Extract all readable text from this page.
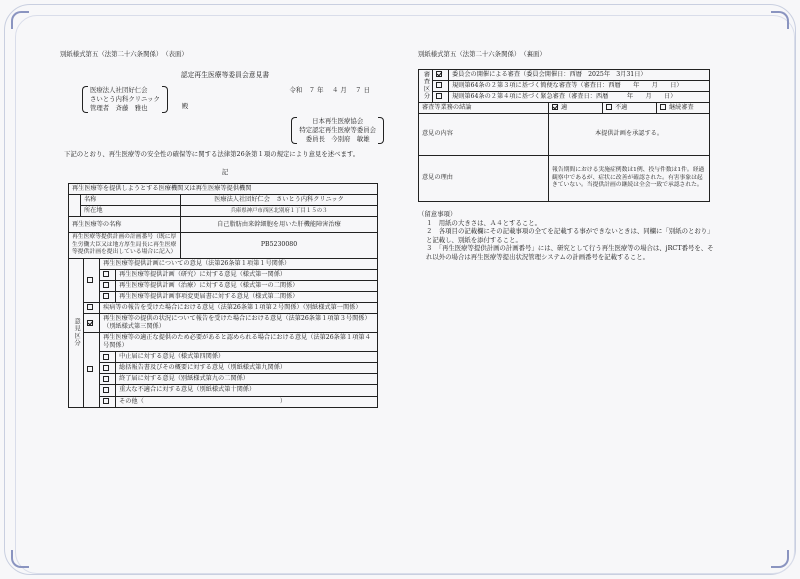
別紙様式第五（法第二十六条関係）　（表面）
認定再生医療等委員会意見書
医療法人社団好仁会
さいとう内科クリニック
管理者　斉藤　雅也	殿
令和　７ 年　 ４ 月　 ７ 日
日本再生医療協会
特定認定再生医療等委員会
委員長　今別府　敏雄
下記のとおり、再生医療等の安全性の確保等に関する法律第26条第１項の規定により意見を述べます。
記
再生医療等を提供しようとする医療機関又は再生医療等提供機関		
	名称	医療法人社団好仁会　さいとう内科クリニック
	所在地	兵庫県神戸市西区北別府１丁目１５の３
再生医療等の名称		自己脂肪由来幹細胞を用いた肝機能障害治療
再生医療等提供計画の計画番号（既に厚生労働大臣又は地方厚生局長に再生医療等提供計画を提出している場合に記入）		PB5230080
意見区分		再生医療等提供計画についての意見（法第26条第１項第１号関係）	
			再生医療等提供計画（研究）に対する意見（様式第一関係）
			再生医療等提供計画（治療）に対する意見（様式第一の二関係）
			再生医療等提供計画事項変更届書に対する意見（様式第二関係）
		疾病等の報告を受けた場合における意見（法第26条第１項第２号関係）（別紙様式第一関係）	
		再生医療等の提供の状況について報告を受けた場合における意見（法第26条第１項第３号関係）（別紙様式第三関係）	
		再生医療等の適正な提供のため必要があると認められる場合における意見（法第26条第１項第４号関係）	
			中止届に対する意見（様式第四関係）
			総括報告書及びその概要に対する意見（別紙様式第九関係）
			終了届に対する意見（別紙様式第九の二関係）
			重大な不適合に対する意見（別紙様式第十関係）
			その他（　　　　　　　　　　　　　　　　　　　　　　）
別紙様式第五（法第二十六条関係）　（裏面）
審査区分		委員会の開催による審査（委員会開催日：西暦　2025年　3月31日）
		規則第64条の２第３項に基づく簡便な審査等（審査日：西暦　　年　　月　　日）
		規則第64条の２第４項に基づく緊急審査（審査日：西暦　　　年　　月　　日）
審査等業務の結論	適	不適	継続審査
意見の内容	本提供計画を承認する。		
意見の理由	報告期間における実施症例数は1例、投与件数は1件。経過観察中であるが、症状に改善が確認された。有害事象は起きていない。当提供計画の継続は全会一致で承認された。		

（留意事項）

１　用紙の大きさは、Ａ４とすること。

２　各項目の記載欄にその記載事項の全てを記載する事ができないときは、同欄に「別紙のとおり」と記載し、別紙を添付すること。

３　「再生医療等提供計画の計画番号」には、研究として行う再生医療等の場合は、jRCT番号を、それ以外の場合は再生医療等提出状況管理システムの計画番号を記載すること。
